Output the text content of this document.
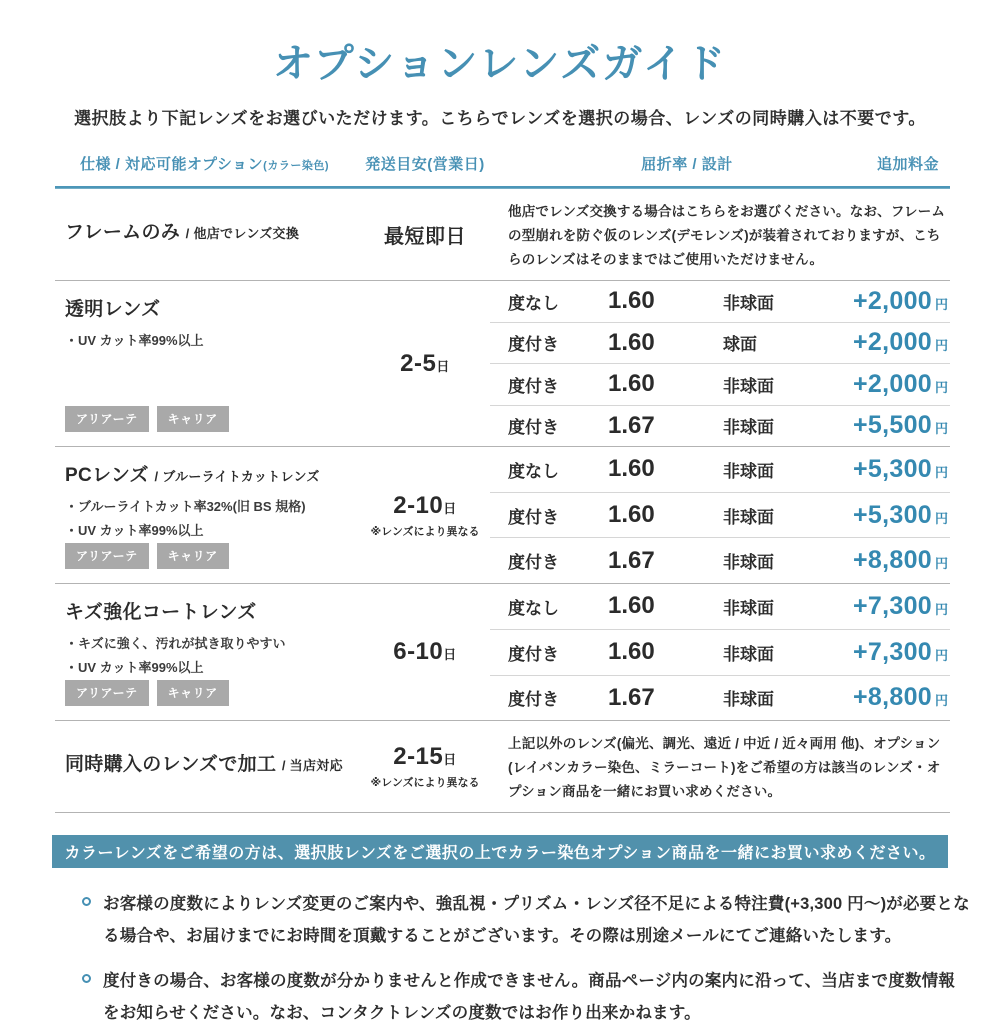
オプションレンズガイド

選択肢より下記レンズをお選びいただけます。こちらでレンズを選択の場合、レンズの同時購入は不要です。

仕様 / 対応可能オプション(カラー染色)	発送目安(営業日)	屈折率 / 設計	追加料金
フレームのみ / 他店でレンズ交換	最短即日
他店でレンズ交換する場合はこちらをお選びください。なお、フレームの型崩れを防ぐ仮のレンズ(デモレンズ)が装着されておりますが、こちらのレンズはそのままではご使用いただけません。
透明レンズ
・UV カット率99%以上
アリアーテ	キャリア
2-5日
度なし	1.60	非球面	+2,000 円
度付き	1.60	球面	+2,000 円
度付き	1.60	非球面	+2,000 円
度付き	1.67	非球面	+5,500 円
PCレンズ / ブルーライトカットレンズ
・ブルーライトカット率32%(旧 BS 規格)
・UV カット率99%以上
アリアーテ	キャリア
2-10日
※レンズにより異なる
度なし	1.60	非球面	+5,300 円
度付き	1.60	非球面	+5,300 円
度付き	1.67	非球面	+8,800 円
キズ強化コートレンズ
・キズに強く、汚れが拭き取りやすい
・UV カット率99%以上
アリアーテ	キャリア
6-10日
度なし	1.60	非球面	+7,300 円
度付き	1.60	非球面	+7,300 円
度付き	1.67	非球面	+8,800 円
同時購入のレンズで加工 / 当店対応	2-15日
※レンズにより異なる
上記以外のレンズ(偏光、調光、遠近 / 中近 / 近々両用 他)、オプション(レイバンカラー染色、ミラーコート)をご希望の方は該当のレンズ・オプション商品を一緒にお買い求めください。
カラーレンズをご希望の方は、選択肢レンズをご選択の上でカラー染色オプション商品を一緒にお買い求めください。
お客様の度数によりレンズ変更のご案内や、強乱視・プリズム・レンズ径不足による特注費(+3,300 円〜)が必要となる場合や、お届けまでにお時間を頂戴することがございます。その際は別途メールにてご連絡いたします。
度付きの場合、お客様の度数が分かりませんと作成できません。商品ページ内の案内に沿って、当店まで度数情報をお知らせください。なお、コンタクトレンズの度数ではお作り出来かねます。
